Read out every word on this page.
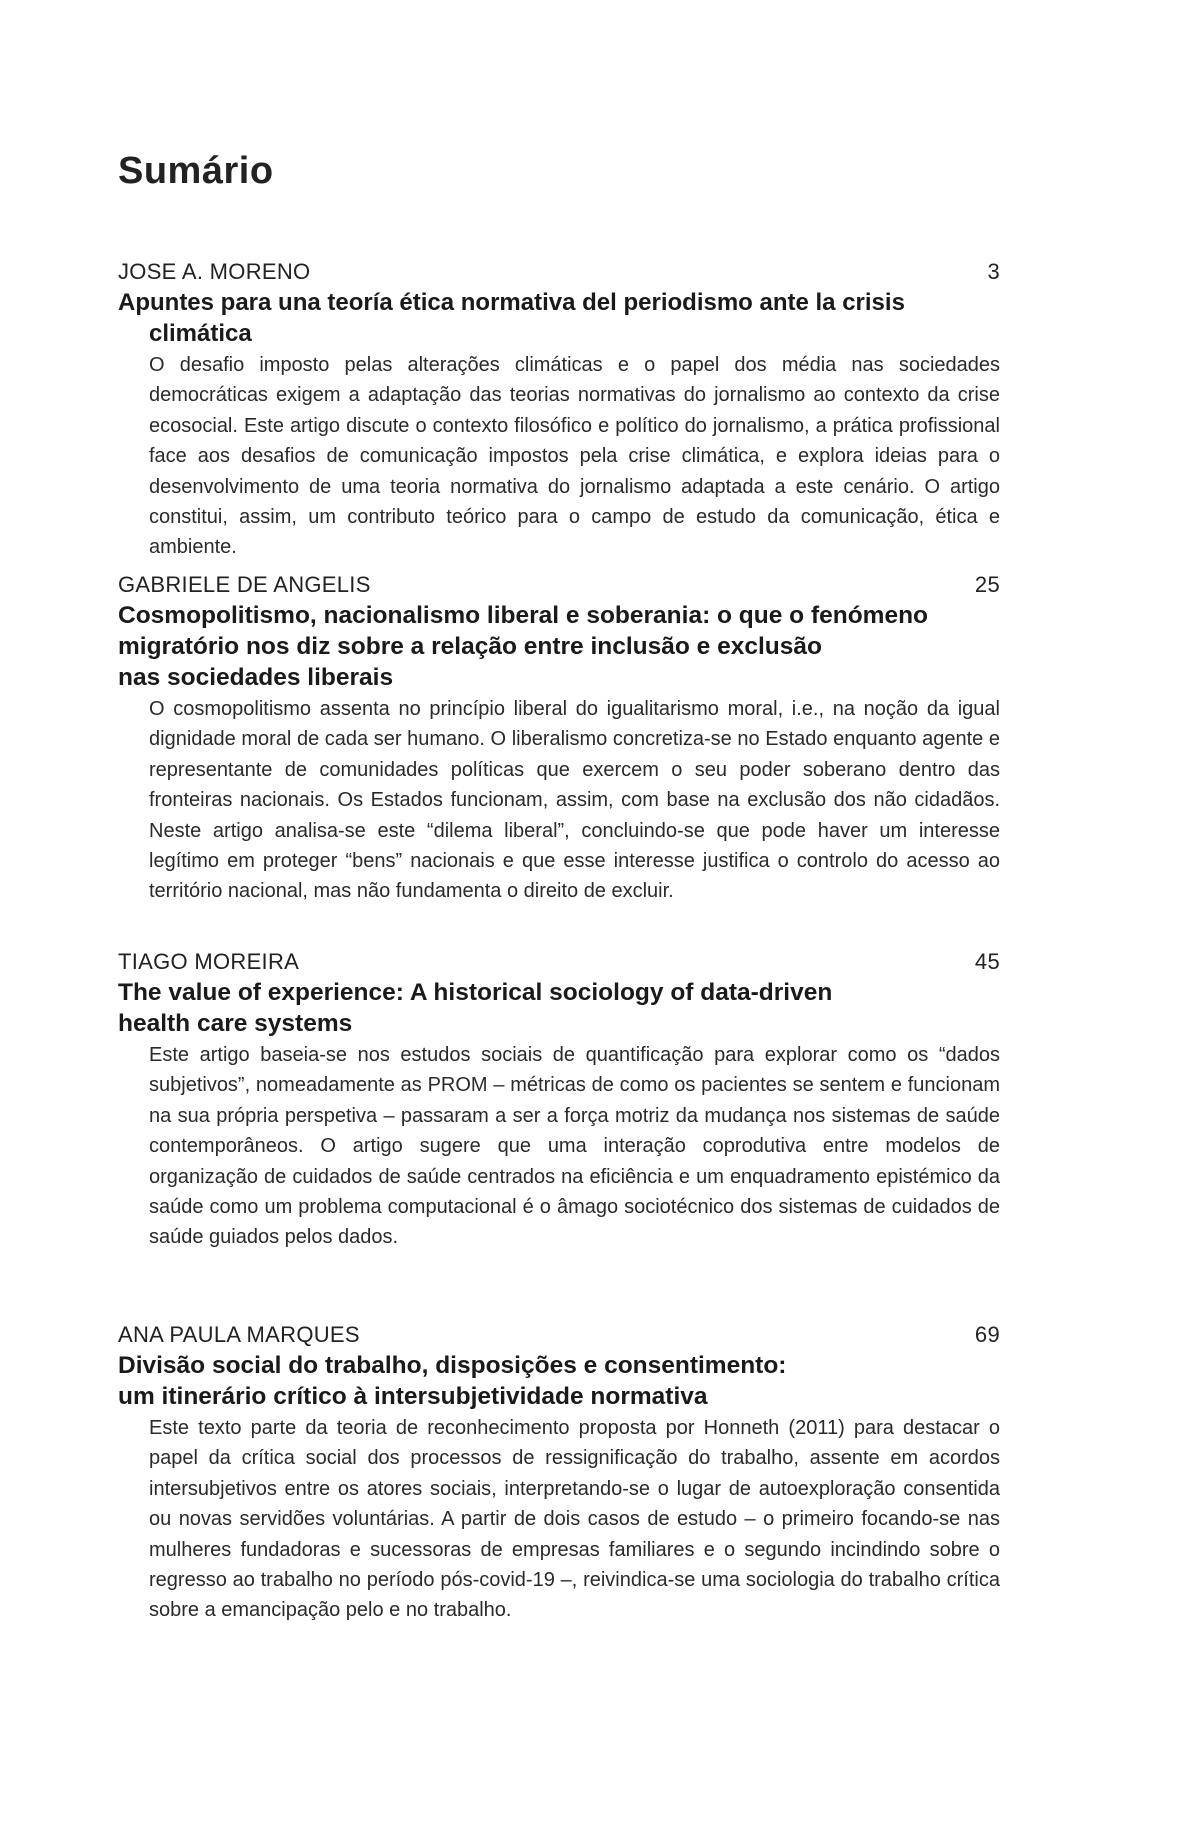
Sumário
JOSE A. MORENO	3
Apuntes para una teoría ética normativa del periodismo ante la crisis climática

O desafio imposto pelas alterações climáticas e o papel dos média nas sociedades democráticas exigem a adaptação das teorias normativas do jornalismo ao contexto da crise ecosocial. Este artigo discute o contexto filosófico e político do jornalismo, a prática profissional face aos desafios de comunicação impostos pela crise climática, e explora ideias para o desenvolvimento de uma teoria normativa do jornalismo adaptada a este cenário. O artigo constitui, assim, um contributo teórico para o campo de estudo da comunicação, ética e ambiente.

GABRIELE DE ANGELIS	25
Cosmopolitismo, nacionalismo liberal e soberania: o que o fenómeno
migratório nos diz sobre a relação entre inclusão e exclusão
nas sociedades liberais

O cosmopolitismo assenta no princípio liberal do igualitarismo moral, i.e., na noção da igual dignidade moral de cada ser humano. O liberalismo concretiza-se no Estado enquanto agente e representante de comunidades políticas que exercem o seu poder soberano dentro das fronteiras nacionais. Os Estados funcionam, assim, com base na exclusão dos não cidadãos. Neste artigo analisa-se este “dilema liberal”, concluindo-se que pode haver um interesse legítimo em proteger “bens” nacionais e que esse interesse justifica o controlo do acesso ao território nacional, mas não fundamenta o direito de excluir.

TIAGO MOREIRA	45
The value of experience: A historical sociology of data-driven
health care systems

Este artigo baseia-se nos estudos sociais de quantificação para explorar como os “dados subjetivos”, nomeadamente as PROM – métricas de como os pacientes se sentem e funcionam na sua própria perspetiva – passaram a ser a força motriz da mudança nos sistemas de saúde contemporâneos. O artigo sugere que uma interação coprodutiva entre modelos de organização de cuidados de saúde centrados na eficiência e um enquadramento epistémico da saúde como um problema computacional é o âmago sociotécnico dos sistemas de cuidados de saúde guiados pelos dados.

ANA PAULA MARQUES	69
Divisão social do trabalho, disposições e consentimento:
um itinerário crítico à intersubjetividade normativa

Este texto parte da teoria de reconhecimento proposta por Honneth (2011) para destacar o papel da crítica social dos processos de ressignificação do trabalho, assente em acordos intersubjetivos entre os atores sociais, interpretando-se o lugar de autoexploração consentida ou novas servidões voluntárias. A partir de dois casos de estudo – o primeiro focando-se nas mulheres fundadoras e sucessoras de empresas familiares e o segundo incindindo sobre o regresso ao trabalho no período pós-covid-19 –, reivindica-se uma sociologia do trabalho crítica sobre a emancipação pelo e no trabalho.
